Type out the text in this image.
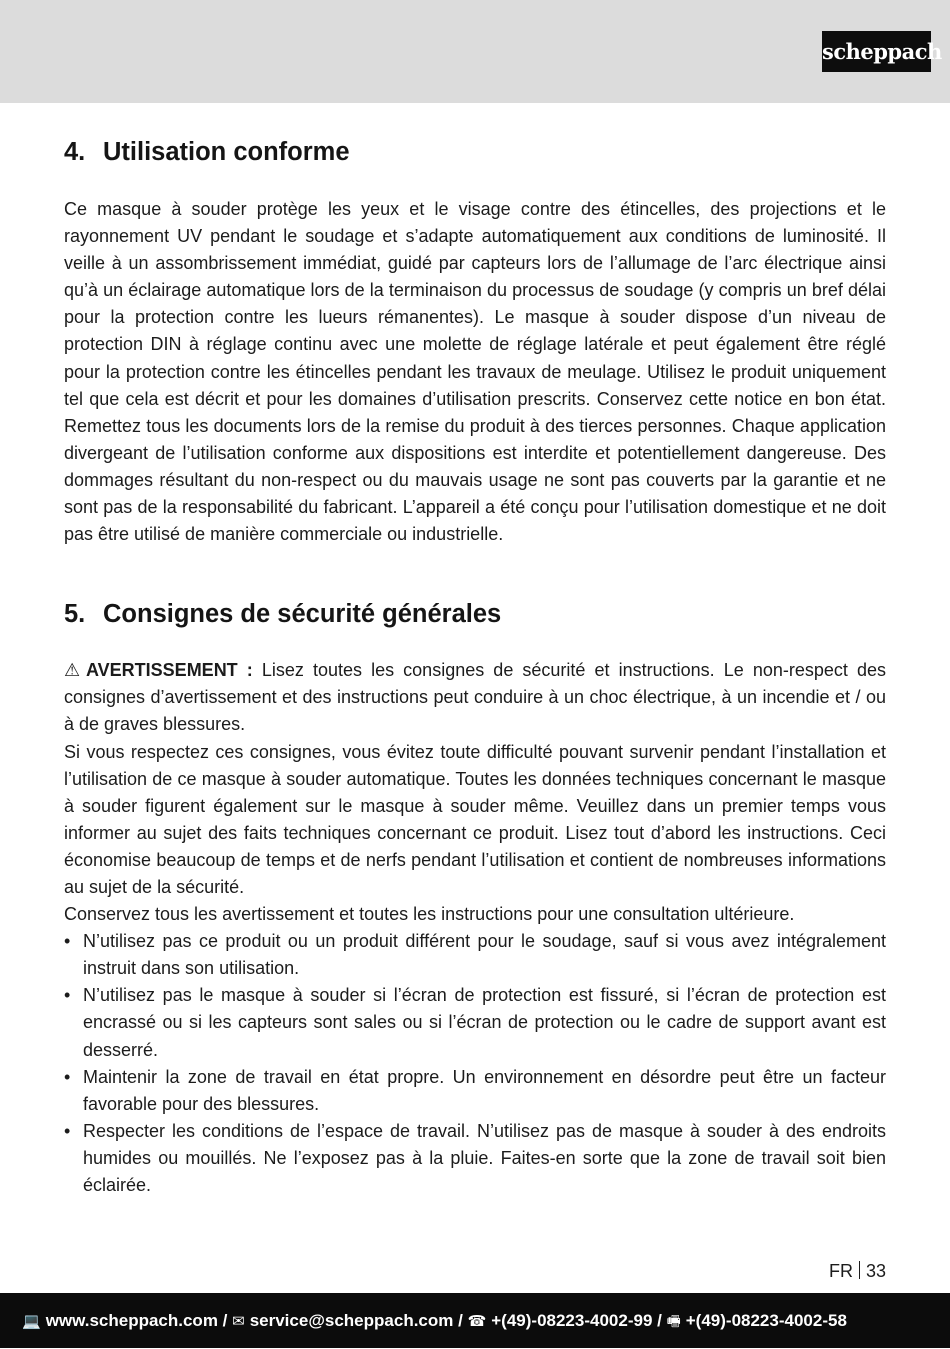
scheppach
4. Utilisation conforme

Ce masque à souder protège les yeux et le visage contre des étincelles, des projections et le rayonnement UV pendant le soudage et s’adapte automatiquement aux conditions de luminosité. Il veille à un assombrissement immédiat, guidé par capteurs lors de l’allumage de l’arc électrique ainsi qu’à un éclairage automatique lors de la terminaison du processus de soudage (y compris un bref délai pour la protection contre les lueurs rémanentes). Le masque à souder dispose d’un niveau de protection DIN à réglage continu avec une molette de réglage latérale et peut également être réglé pour la protection contre les étincelles pendant les travaux de meulage. Utilisez le produit uniquement tel que cela est décrit et pour les domaines d’utilisation prescrits. Conservez cette notice en bon état. Remettez tous les documents lors de la remise du produit à des tierces personnes. Chaque application divergeant de l’utilisation conforme aux dispositions est interdite et potentiellement dangereuse. Des dommages résultant du non-respect ou du mauvais usage ne sont pas couverts par la garantie et ne sont pas de la responsabilité du fabricant. L’appareil a été conçu pour l’utilisation domestique et ne doit pas être utilisé de manière commerciale ou industrielle.

5. Consignes de sécurité générales

⚠ AVERTISSEMENT : Lisez toutes les consignes de sécurité et instructions. Le non-respect des consignes d’avertissement et des instructions peut conduire à un choc électrique, à un incendie et / ou à de graves blessures.

Si vous respectez ces consignes, vous évitez toute difficulté pouvant survenir pendant l’installation et l’utilisation de ce masque à souder automatique. Toutes les données techniques concernant le masque à souder figurent également sur le masque à souder même. Veuillez dans un premier temps vous informer au sujet des faits techniques concernant ce produit. Lisez tout d’abord les instructions. Ceci économise beaucoup de temps et de nerfs pendant l’utilisation et contient de nombreuses informations au sujet de la sécurité.

Conservez tous les avertissement et toutes les instructions pour une consultation ultérieure.

• N’utilisez pas ce produit ou un produit différent pour le soudage, sauf si vous avez intégralement instruit dans son utilisation.
• N’utilisez pas le masque à souder si l’écran de protection est fissuré, si l’écran de protection est encrassé ou si les capteurs sont sales ou si l’écran de protection ou le cadre de support avant est desserré.
• Maintenir la zone de travail en état propre. Un environnement en désordre peut être un facteur favorable pour des blessures.
• Respecter les conditions de l’espace de travail. N’utilisez pas de masque à souder à des endroits humides ou mouillés. Ne l’exposez pas à la pluie. Faites-en sorte que la zone de travail soit bien éclairée.
FR 33
💻 www.scheppach.com / ✉ service@scheppach.com / ☎ +(49)-08223-4002-99 / 🖷 +(49)-08223-4002-58
